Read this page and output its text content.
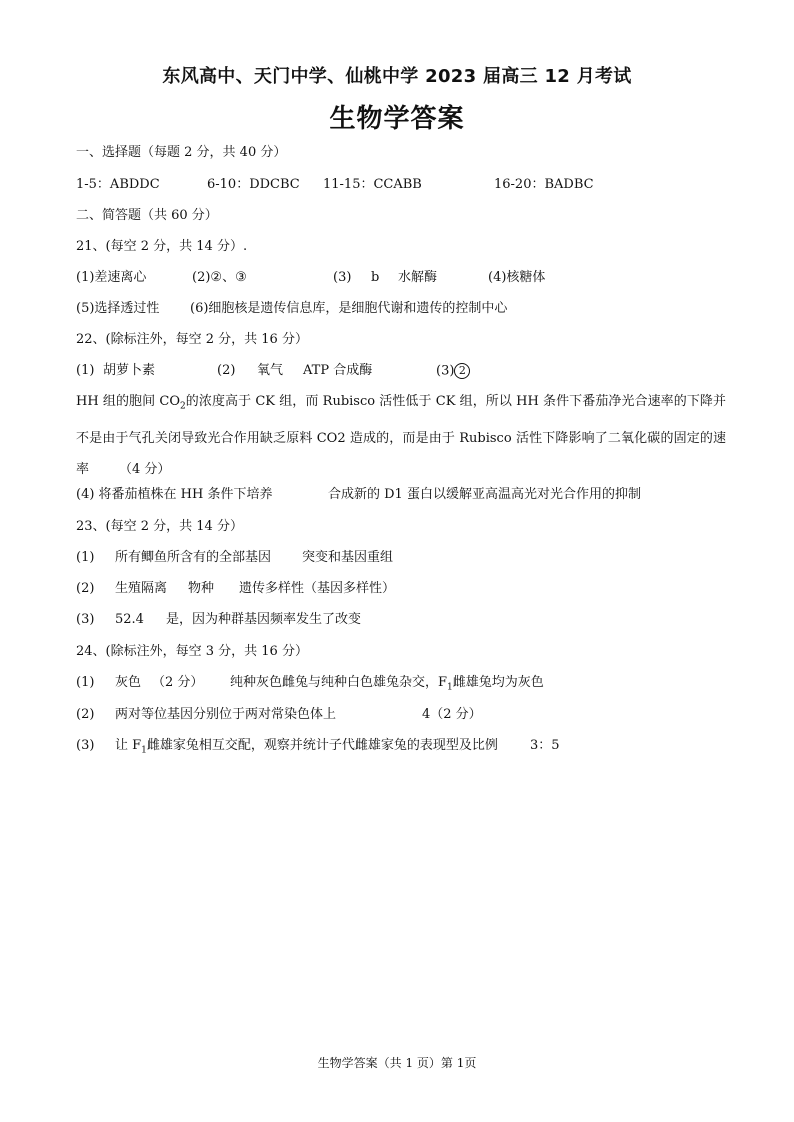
东风高中、天门中学、仙桃中学 2023 届高三 12 月考试
生物学答案
一、选择题（每题 2 分，共 40 分）
1-5：ABDDC	6-10：DDCBC 11-15：CCABB	16-20：BADBC
二、简答题（共 60 分）
21、(每空 2 分，共 14 分）.
(1)差速离心	(2)②、③	(3) b 水解酶	(4)核糖体
(5)选择透过性 (6)细胞核是遗传信息库，是细胞代谢和遗传的控制中心
22、(除标注外，每空 2 分，共 16 分）
(1) 胡萝卜素	(2) 氧气 ATP 合成酶	(3) 2
HH 组的胞间 $CO_2$的浓度高于 CK 组，而 Rubisco 活性低于 CK 组，所以 HH 条件下番茄净光合速率的下降并不是由于气孔关闭导致光合作用缺乏原料 CO2 造成的，而是由于 Rubisco 活性下降影响了二氧化碳的固定的速率 （4 分）
(4) 将番茄植株在 HH 条件下培养	合成新的 D1 蛋白以缓解亚高温高光对光合作用的抑制
23、(每空 2 分，共 14 分）
(1) 所有鲫鱼所含有的全部基因 突变和基因重组
(2) 生殖隔离 物种 遗传多样性（基因多样性）
(3) 52.4 是，因为种群基因频率发生了改变
24、(除标注外，每空 3 分，共 16 分）
(1) 灰色 （2 分） 纯种灰色雌兔与纯种白色雄兔杂交，$F_1$雌雄兔均为灰色
(2) 两对等位基因分别位于两对常染色体上	4（2 分）
(3) 让 $F_1$雌雄家兔相互交配，观察并统计子代雌雄家兔的表现型及比例 3：5
生物学答案（共 1 页）第 1页
